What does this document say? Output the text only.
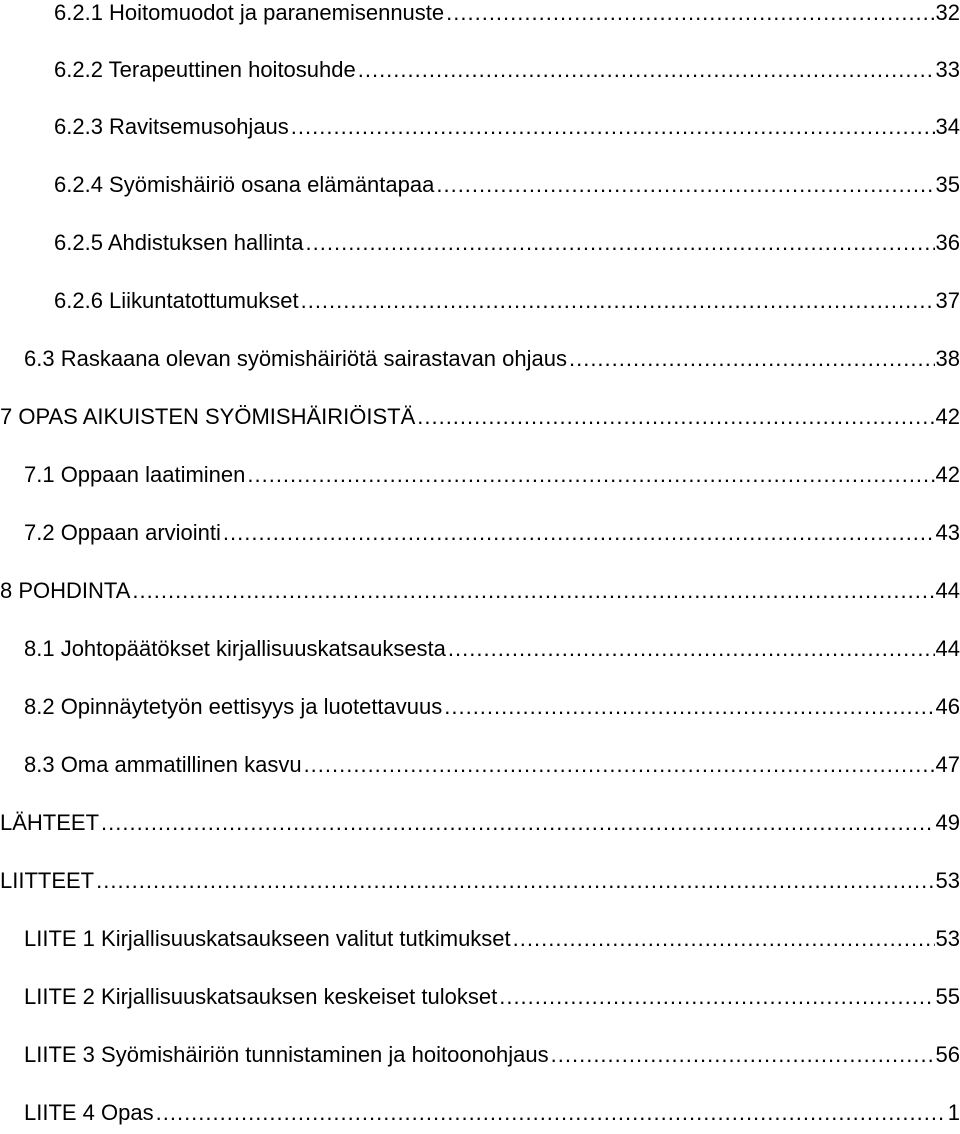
6.2.1 Hoitomuodot ja paranemisennuste .....	32
6.2.2 Terapeuttinen hoitosuhde .....	33
6.2.3 Ravitsemusohjaus .....	34
6.2.4 Syömishäiriö osana elämäntapaa .....	35
6.2.5 Ahdistuksen hallinta .....	36
6.2.6 Liikuntatottumukset .....	37
6.3 Raskaana olevan syömishäiriötä sairastavan ohjaus .....	38
7 OPAS AIKUISTEN SYÖMISHÄIRIÖISTÄ .....	42
7.1 Oppaan laatiminen .....	42
7.2 Oppaan arviointi .....	43
8 POHDINTA .....	44
8.1 Johtopäätökset kirjallisuuskatsauksesta .....	44
8.2 Opinnäytetyön eettisyys ja luotettavuus .....	46
8.3 Oma ammatillinen kasvu .....	47
LÄHTEET .....	49
LIITTEET .....	53
LIITE 1 Kirjallisuuskatsaukseen valitut tutkimukset .....	53
LIITE 2 Kirjallisuuskatsauksen keskeiset tulokset .....	55
LIITE 3 Syömishäiriön tunnistaminen ja hoitoonohjaus .....	56
LIITE 4 Opas .....	1
